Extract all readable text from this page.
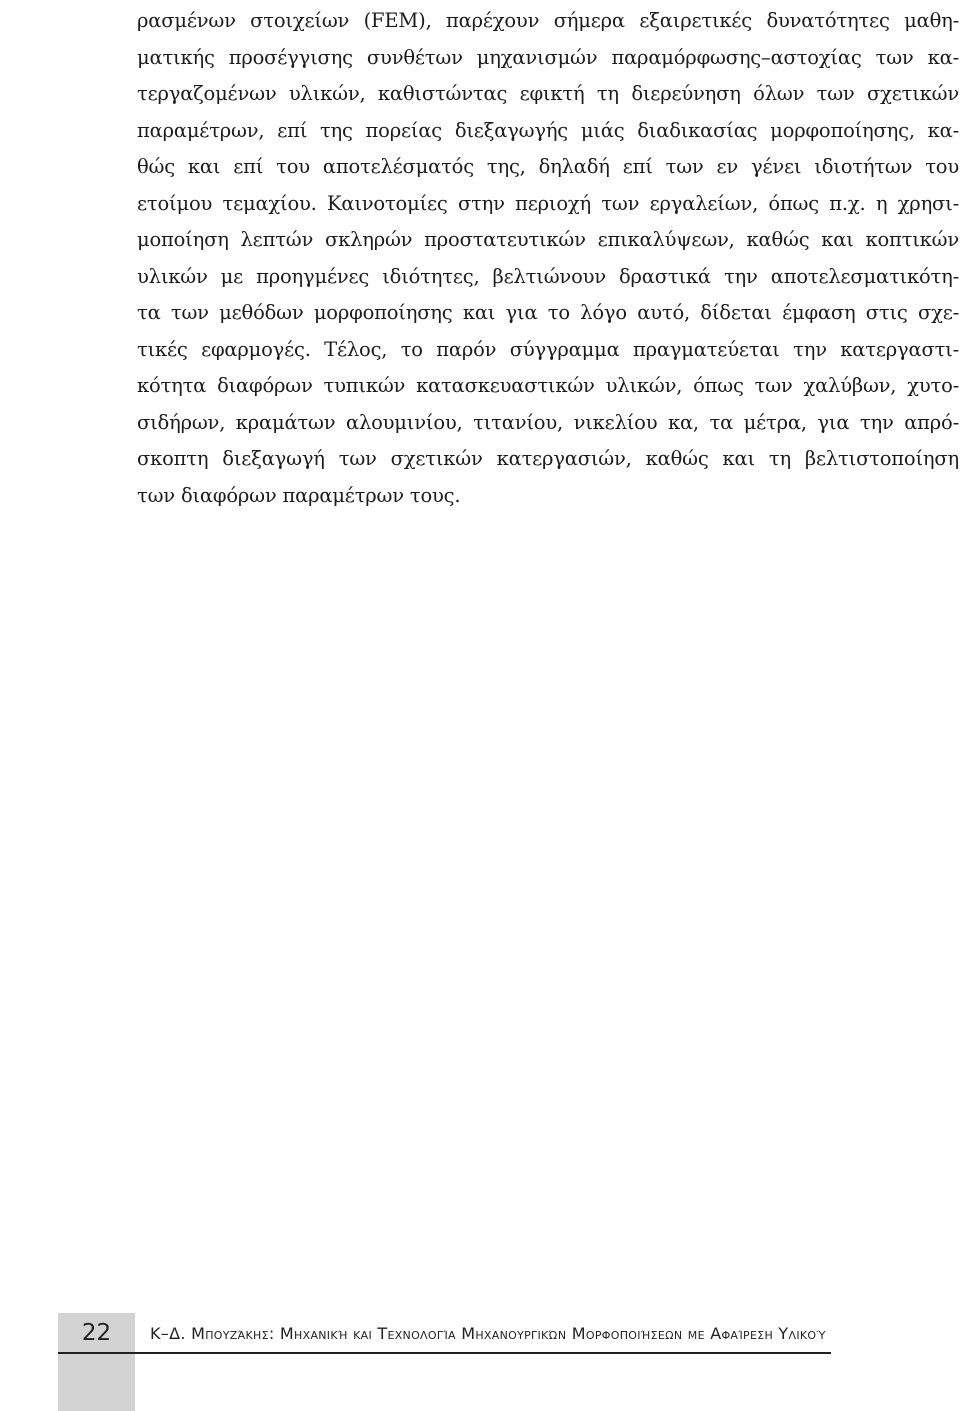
ρασμένων στοιχείων (FEM), παρέχουν σήμερα εξαιρετικές δυνατότητες μαθη-
ματικής προσέγγισης συνθέτων μηχανισμών παραμόρφωσης–αστοχίας των κα-
τεργαζομένων υλικών, καθιστώντας εφικτή τη διερεύνηση όλων των σχετικών
παραμέτρων, επί της πορείας διεξαγωγής μιάς διαδικασίας μορφοποίησης, κα-
θώς και επί του αποτελέσματός της, δηλαδή επί των εν γένει ιδιοτήτων του
ετοίμου τεμαχίου. Καινοτομίες στην περιοχή των εργαλείων, όπως π.χ. η χρησι-
μοποίηση λεπτών σκληρών προστατευτικών επικαλύψεων, καθώς και κοπτικών
υλικών με προηγμένες ιδιότητες, βελτιώνουν δραστικά την αποτελεσματικότη-
τα των μεθόδων μορφοποίησης και για το λόγο αυτό, δίδεται έμφαση στις σχε-
τικές εφαρμογές. Τέλος, το παρόν σύγγραμμα πραγματεύεται την κατεργαστι-
κότητα διαφόρων τυπικών κατασκευαστικών υλικών, όπως των χαλύβων, χυτο-
σιδήρων, κραμάτων αλουμινίου, τιτανίου, νικελίου κα, τα μέτρα, για την απρό-
σκοπτη διεξαγωγή των σχετικών κατεργασιών, καθώς και τη βελτιστοποίηση
των διαφόρων παραμέτρων τους.
22	Κ–Δ. Μπουζάκης: Μηχανική και Τεχνολογία Μηχανουργικών Μορφοποιήσεων με Αφαίρεση Υλικού
